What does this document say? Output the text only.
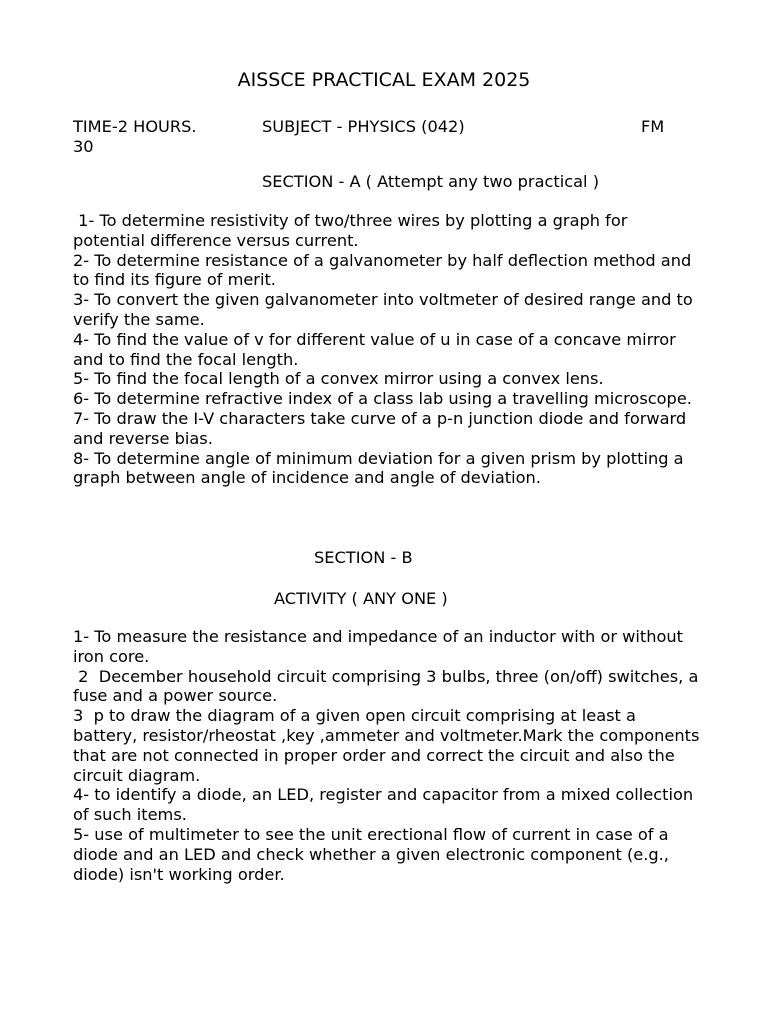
AISSCE PRACTICAL EXAM 2025
TIME-2 HOURS.	SUBJECT - PHYSICS (042)	FM
30
SECTION - A ( Attempt any two practical )
1- To determine resistivity of two/three wires by plotting a graph for potential difference versus current.
2- To determine resistance of a galvanometer by half deflection method and to find its figure of merit.
3- To convert the given galvanometer into voltmeter of desired range and to verify the same.
4- To find the value of v for different value of u in case of a concave mirror and to find the focal length.
5- To find the focal length of a convex mirror using a convex lens.
6- To determine refractive index of a class lab using a travelling microscope.
7- To draw the I-V characters take curve of a p-n junction diode and forward and reverse bias.
8- To determine angle of minimum deviation for a given prism by plotting a graph between angle of incidence and angle of deviation.
SECTION - B
ACTIVITY ( ANY ONE )
1- To measure the resistance and impedance of an inductor with or without iron core.
2  December household circuit comprising 3 bulbs, three (on/off) switches, a fuse and a power source.
3  p to draw the diagram of a given open circuit comprising at least a battery, resistor/rheostat ,key ,ammeter and voltmeter.Mark the components that are not connected in proper order and correct the circuit and also the circuit diagram.
4- to identify a diode, an LED, register and capacitor from a mixed collection of such items.
5- use of multimeter to see the unit erectional flow of current in case of a diode and an LED and check whether a given electronic component (e.g., diode) isn't working order.
